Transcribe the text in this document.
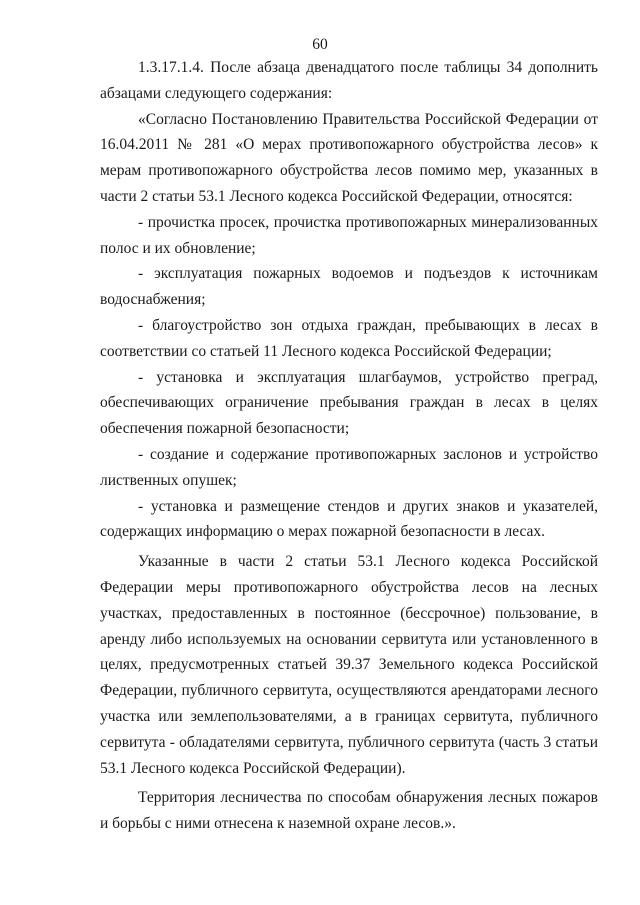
60

1.3.17.1.4. После абзаца двенадцатого после таблицы 34 дополнить абзацами следующего содержания:

«Согласно Постановлению Правительства Российской Федерации от 16.04.2011 № 281 «О мерах противопожарного обустройства лесов» к мерам противопожарного обустройства лесов помимо мер, указанных в части 2 статьи 53.1 Лесного кодекса Российской Федерации, относятся:

- прочистка просек, прочистка противопожарных минерализованных полос и их обновление;

- эксплуатация пожарных водоемов и подъездов к источникам водоснабжения;

- благоустройство зон отдыха граждан, пребывающих в лесах в соответствии со статьей 11 Лесного кодекса Российской Федерации;

- установка и эксплуатация шлагбаумов, устройство преград, обеспечивающих ограничение пребывания граждан в лесах в целях обеспечения пожарной безопасности;

- создание и содержание противопожарных заслонов и устройство лиственных опушек;

- установка и размещение стендов и других знаков и указателей, содержащих информацию о мерах пожарной безопасности в лесах.

Указанные в части 2 статьи 53.1 Лесного кодекса Российской Федерации меры противопожарного обустройства лесов на лесных участках, предоставленных в постоянное (бессрочное) пользование, в аренду либо используемых на основании сервитута или установленного в целях, предусмотренных статьей 39.37 Земельного кодекса Российской Федерации, публичного сервитута, осуществляются арендаторами лесного участка или землепользователями, а в границах сервитута, публичного сервитута - обладателями сервитута, публичного сервитута (часть 3 статьи 53.1 Лесного кодекса Российской Федерации).

Территория лесничества по способам обнаружения лесных пожаров и борьбы с ними отнесена к наземной охране лесов.».
